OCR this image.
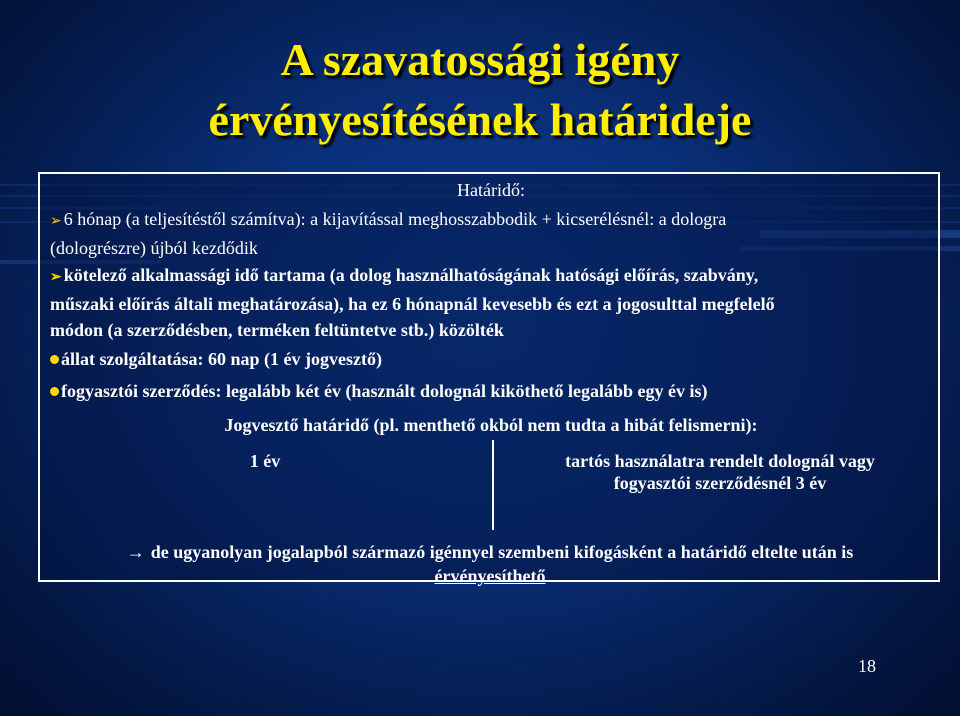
A szavatossági igény
érvényesítésének határideje
Határidő:
➢ 6 hónap (a teljesítéstől számítva): a kijavítással meghosszabbodik + kicserélésnél: a dologra
(dologrészre) újból kezdődik
➢ kötelező alkalmassági idő tartama (a dolog használhatóságának hatósági előírás, szabvány,
műszaki előírás általi meghatározása), ha ez 6 hónapnál kevesebb és ezt a jogosulttal megfelelő
módon (a szerződésben, terméken feltüntetve stb.) közölték
állat szolgáltatása: 60 nap (1 év jogvesztő)
fogyasztói szerződés: legalább két év (használt dolognál kiköthető legalább egy év is)
Jogvesztő határidő (pl. menthető okból nem tudta a hibát felismerni):
1 év	tartós használatra rendelt dolognál vagy
fogyasztói szerződésnél 3 év
→ de ugyanolyan jogalapból származó igénnyel szembeni kifogásként a határidő eltelte után is
érvényesíthető
18
